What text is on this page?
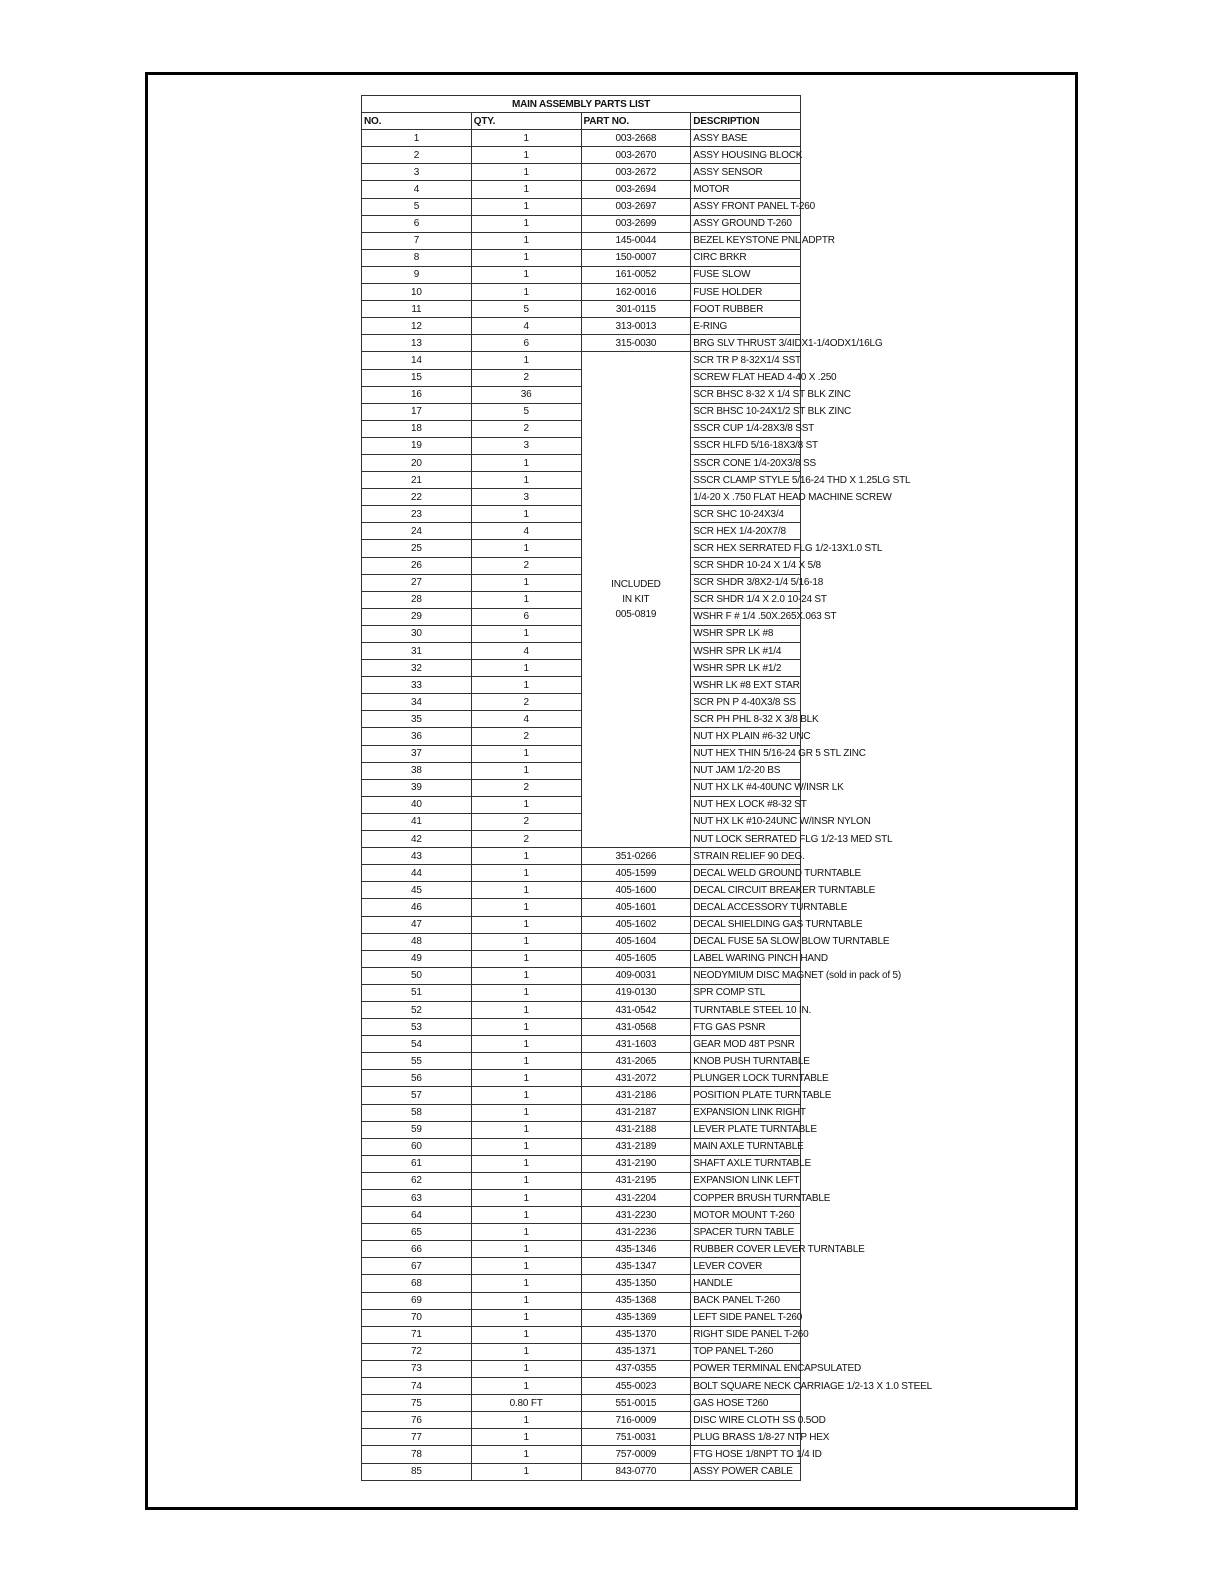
MAIN ASSEMBLY PARTS LIST			
NO.	QTY.	PART NO.	DESCRIPTION
1	1	003-2668	ASSY BASE
2	1	003-2670	ASSY HOUSING BLOCK
3	1	003-2672	ASSY SENSOR
4	1	003-2694	MOTOR
5	1	003-2697	ASSY FRONT PANEL T-260
6	1	003-2699	ASSY GROUND T-260
7	1	145-0044	BEZEL KEYSTONE PNL ADPTR
8	1	150-0007	CIRC BRKR
9	1	161-0052	FUSE SLOW
10	1	162-0016	FUSE HOLDER
11	5	301-0115	FOOT RUBBER
12	4	313-0013	E-RING
13	6	315-0030	BRG SLV THRUST 3/4IDX1-1/4ODX1/16LG
14	1	INCLUDED
IN KIT
005-0819	SCR TR P 8-32X1/4 SST
15	2		SCREW FLAT HEAD 4-40 X .250
16	36		SCR BHSC 8-32 X 1/4 ST BLK ZINC
17	5		SCR BHSC 10-24X1/2 ST BLK ZINC
18	2		SSCR CUP 1/4-28X3/8 SST
19	3		SSCR HLFD 5/16-18X3/8 ST
20	1		SSCR CONE 1/4-20X3/8 SS
21	1		SSCR CLAMP STYLE 5/16-24 THD X 1.25LG STL
22	3		1/4-20 X .750 FLAT HEAD MACHINE SCREW
23	1		SCR SHC 10-24X3/4
24	4		SCR HEX 1/4-20X7/8
25	1		SCR HEX SERRATED FLG 1/2-13X1.0 STL
26	2		SCR SHDR 10-24 X 1/4 X 5/8
27	1		SCR SHDR 3/8X2-1/4 5/16-18
28	1		SCR SHDR 1/4 X 2.0 10-24 ST
29	6		WSHR F # 1/4 .50X.265X.063 ST
30	1		WSHR SPR LK #8
31	4		WSHR SPR LK #1/4
32	1		WSHR SPR LK #1/2
33	1		WSHR LK #8 EXT STAR
34	2		SCR PN P 4-40X3/8 SS
35	4		SCR PH PHL 8-32 X 3/8 BLK
36	2		NUT HX PLAIN #6-32 UNC
37	1		NUT HEX THIN 5/16-24 GR 5 STL ZINC
38	1		NUT JAM 1/2-20 BS
39	2		NUT HX LK #4-40UNC W/INSR LK
40	1		NUT HEX LOCK #8-32 ST
41	2		NUT HX LK #10-24UNC W/INSR NYLON
42	2		NUT LOCK SERRATED FLG 1/2-13 MED STL
43	1	351-0266	STRAIN RELIEF 90 DEG.
44	1	405-1599	DECAL WELD GROUND TURNTABLE
45	1	405-1600	DECAL CIRCUIT BREAKER TURNTABLE
46	1	405-1601	DECAL ACCESSORY TURNTABLE
47	1	405-1602	DECAL SHIELDING GAS TURNTABLE
48	1	405-1604	DECAL FUSE 5A SLOW BLOW TURNTABLE
49	1	405-1605	LABEL WARING PINCH HAND
50	1	409-0031	NEODYMIUM DISC MAGNET (sold in pack of 5)
51	1	419-0130	SPR COMP STL
52	1	431-0542	TURNTABLE STEEL 10 IN.
53	1	431-0568	FTG GAS PSNR
54	1	431-1603	GEAR MOD 48T PSNR
55	1	431-2065	KNOB PUSH TURNTABLE
56	1	431-2072	PLUNGER LOCK TURNTABLE
57	1	431-2186	POSITION PLATE TURNTABLE
58	1	431-2187	EXPANSION LINK RIGHT
59	1	431-2188	LEVER PLATE TURNTABLE
60	1	431-2189	MAIN AXLE TURNTABLE
61	1	431-2190	SHAFT AXLE TURNTABLE
62	1	431-2195	EXPANSION LINK LEFT
63	1	431-2204	COPPER BRUSH TURNTABLE
64	1	431-2230	MOTOR MOUNT T-260
65	1	431-2236	SPACER TURN TABLE
66	1	435-1346	RUBBER COVER LEVER TURNTABLE
67	1	435-1347	LEVER COVER
68	1	435-1350	HANDLE
69	1	435-1368	BACK PANEL T-260
70	1	435-1369	LEFT SIDE PANEL T-260
71	1	435-1370	RIGHT SIDE PANEL T-260
72	1	435-1371	TOP PANEL T-260
73	1	437-0355	POWER TERMINAL ENCAPSULATED
74	1	455-0023	BOLT SQUARE NECK CARRIAGE 1/2-13 X 1.0 STEEL
75	0.80 FT	551-0015	GAS HOSE T260
76	1	716-0009	DISC WIRE CLOTH SS 0.5OD
77	1	751-0031	PLUG BRASS 1/8-27 NTP HEX
78	1	757-0009	FTG HOSE 1/8NPT TO 1/4 ID
85	1	843-0770	ASSY POWER CABLE
